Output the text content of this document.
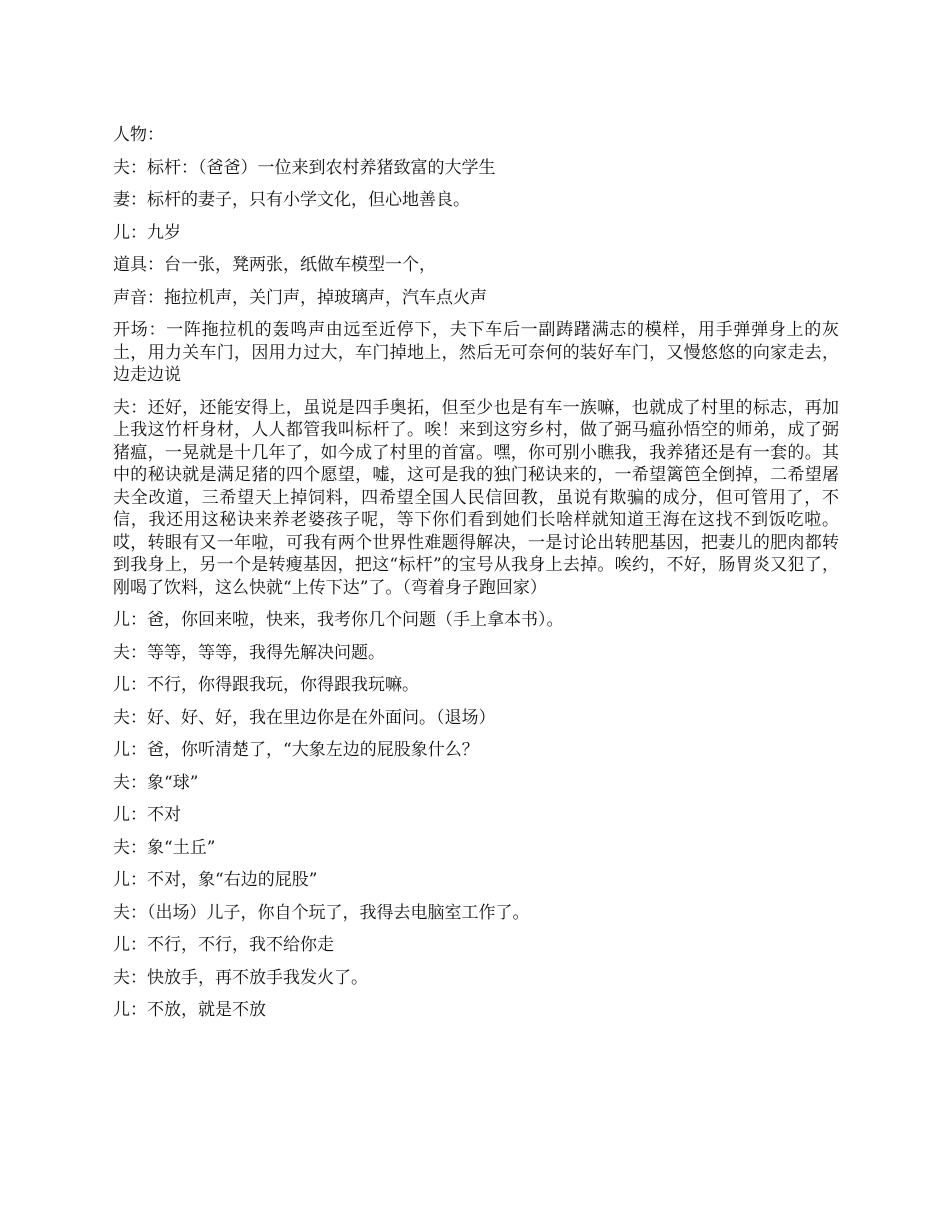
人物：

夫：标杆：（爸爸）一位来到农村养猪致富的大学生

妻：标杆的妻子，只有小学文化，但心地善良。

儿：九岁

道具：台一张，凳两张，纸做车模型一个，

声音：拖拉机声，关门声，掉玻璃声，汽车点火声

开场：一阵拖拉机的轰鸣声由远至近停下，夫下车后一副踌躇满志的模样，用手弹弹身上的灰土，用力关车门，因用力过大，车门掉地上，然后无可奈何的装好车门，又慢悠悠的向家走去，边走边说

夫：还好，还能安得上，虽说是四手奥拓，但至少也是有车一族嘛，也就成了村里的标志，再加上我这竹杆身材，人人都管我叫标杆了。唉！来到这穷乡村，做了弼马瘟孙悟空的师弟，成了弼猪瘟，一晃就是十几年了，如今成了村里的首富。嘿，你可别小瞧我，我养猪还是有一套的。其中的秘诀就是满足猪的四个愿望，嘘，这可是我的独门秘诀来的，一希望篱笆全倒掉，二希望屠夫全改道，三希望天上掉饲料，四希望全国人民信回教，虽说有欺骗的成分，但可管用了，不信，我还用这秘诀来养老婆孩子呢，等下你们看到她们长啥样就知道王海在这找不到饭吃啦。哎，转眼有又一年啦，可我有两个世界性难题得解决，一是讨论出转肥基因，把妻儿的肥肉都转到我身上，另一个是转瘦基因，把这“标杆”的宝号从我身上去掉。唉约，不好，肠胃炎又犯了，刚喝了饮料，这么快就“上传下达”了。（弯着身子跑回家）

儿：爸，你回来啦，快来，我考你几个问题（手上拿本书）。

夫：等等，等等，我得先解决问题。

儿：不行，你得跟我玩，你得跟我玩嘛。

夫：好、好、好，我在里边你是在外面问。（退场）

儿：爸，你听清楚了，“大象左边的屁股象什么？

夫：象“球”

儿：不对

夫：象“土丘”

儿：不对，象“右边的屁股”

夫：（出场）儿子，你自个玩了，我得去电脑室工作了。

儿：不行，不行，我不给你走

夫：快放手，再不放手我发火了。

儿：不放，就是不放
